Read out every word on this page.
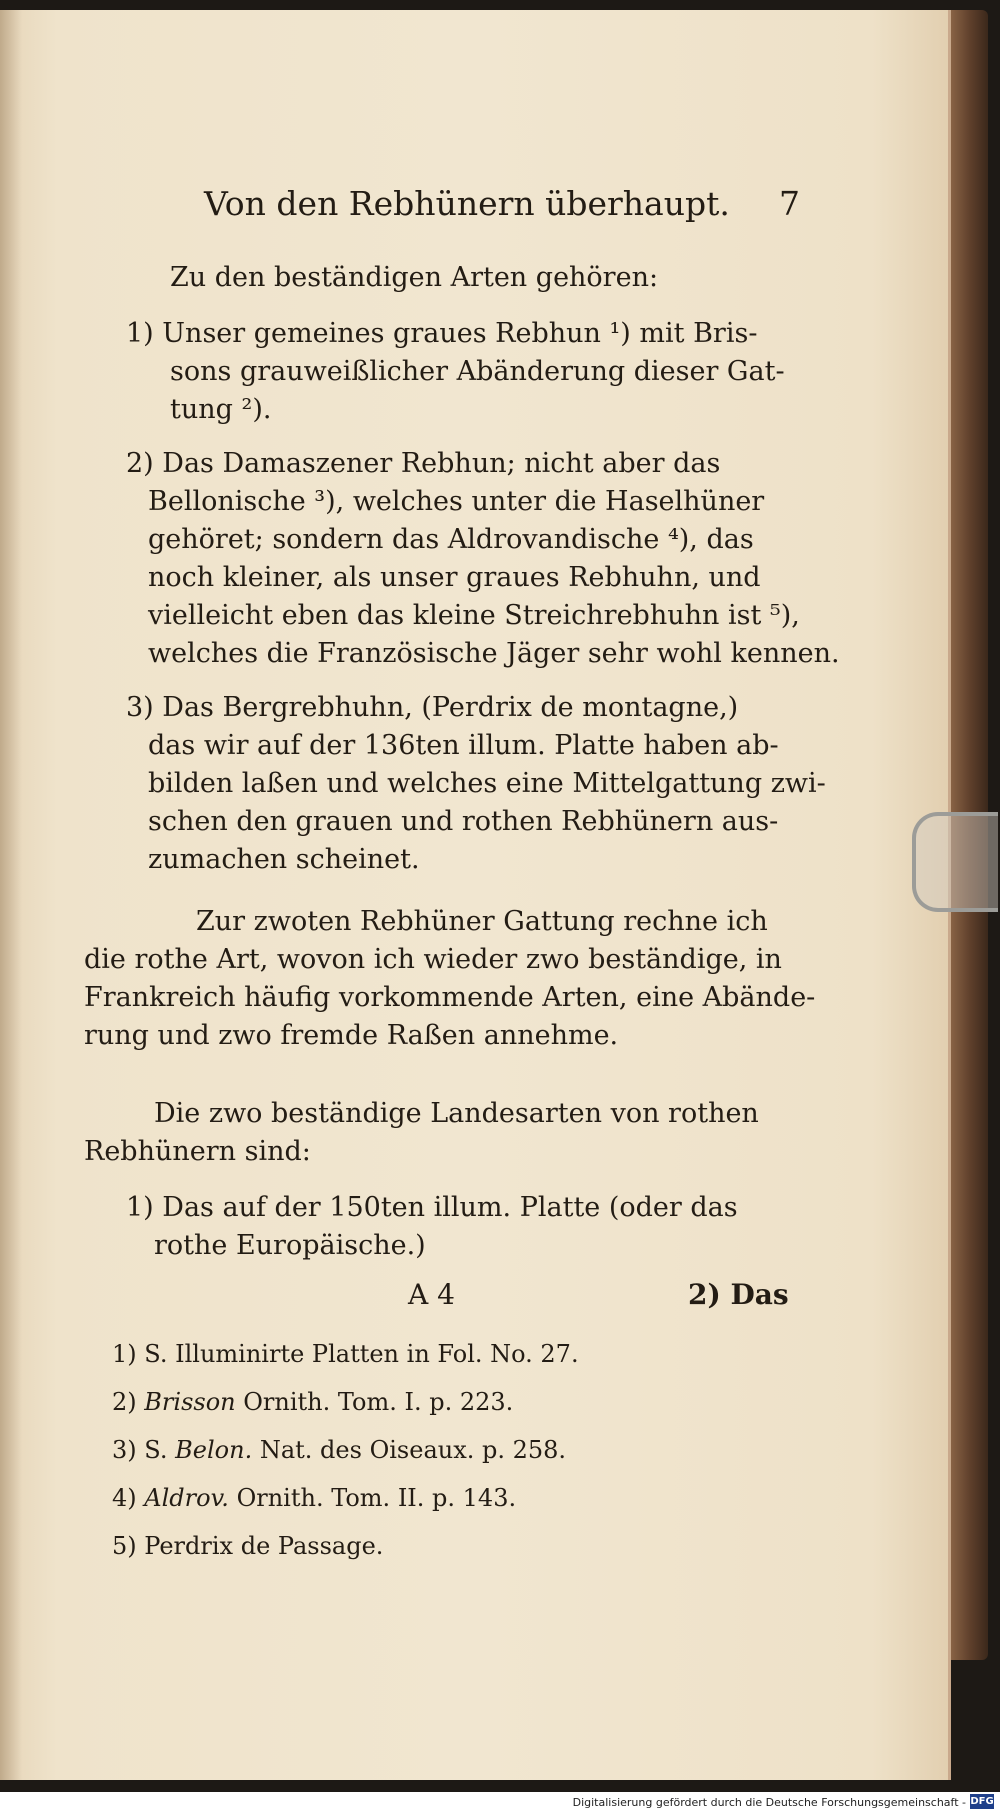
Von den Rebhünern überhaupt. 7
Zu den beständigen Arten gehören:
1) Unser gemeines graues Rebhun ¹) mit Bris-
sons grauweißlicher Abänderung dieser Gat-
tung ²).
2) Das Damaszener Rebhun; nicht aber das
Bellonische ³), welches unter die Haselhüner
gehöret; sondern das Aldrovandische ⁴), das
noch kleiner, als unser graues Rebhuhn, und
vielleicht eben das kleine Streichrebhuhn ist ⁵),
welches die Französische Jäger sehr wohl kennen.
3) Das Bergrebhuhn, (Perdrix de montagne,)
das wir auf der 136ten illum. Platte haben ab-
bilden laßen und welches eine Mittelgattung zwi-
schen den grauen und rothen Rebhünern aus-
zumachen scheinet.
Zur zwoten Rebhüner Gattung rechne ich
die rothe Art, wovon ich wieder zwo beständige, in
Frankreich häufig vorkommende Arten, eine Abände-
rung und zwo fremde Raßen annehme.
Die zwo beständige Landesarten von rothen
Rebhünern sind:
1) Das auf der 150ten illum. Platte (oder das
rothe Europäische.)
A 4	2) Das
1) S. Illuminirte Platten in Fol. No. 27.
2) Brisson Ornith. Tom. I. p. 223.
3) S. Belon. Nat. des Oiseaux. p. 258.
4) Aldrov. Ornith. Tom. II. p. 143.
5) Perdrix de Passage.
Digitalisierung gefördert durch die Deutsche Forschungsgemeinschaft - DFG
